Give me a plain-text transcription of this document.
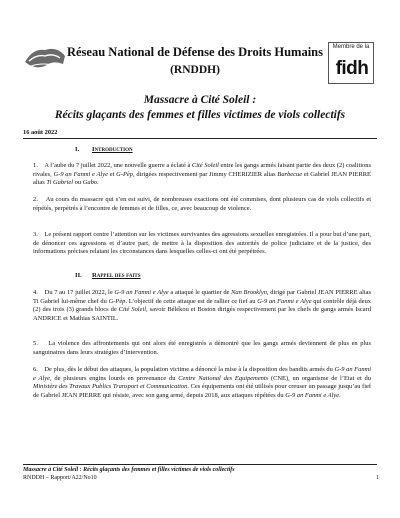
Membre de la
fidh
Réseau National de Défense des Droits Humains
(RNDDH)
Massacre à Cité Soleil :
Récits glaçants des femmes et filles victimes de viols collectifs
16 août 2022
I. Introduction
1. A l’aube du 7 juillet 2022, une nouvelle guerre a éclaté à Cité Soleil entre les gangs armés faisant partie des deux (2) coalitions rivales, G-9 an Fanmi e Alye et G-Pèp, dirigées respectivement par Jimmy CHERIZIER alias Barbecue et Gabriel JEAN PIERRE alias Ti Gabriel ou Gabo.
2. Au cours du massacre qui s’en est suivi, de nombreuses exactions ont été commises, dont plusieurs cas de viols collectifs et répétés, perpétrés à l’encontre de femmes et de filles, ce, avec beaucoup de violence.
3. Le présent rapport centre l’attention sur les victimes survivantes des agressions sexuelles enregistrées. Il a pour but d’une part, de dénoncer ces agressions et d’autre part, de mettre à la disposition des autorités de police judiciaire et de la justice, des informations précises relatant les circonstances dans lesquelles celles-ci ont été perpétrées.
II. Rappel des faits
4. Du 7 au 17 juillet 2022, le G-9 an Fanmi e Alye a attaqué le quartier de Nan Brooklyn, dirigé par Gabriel JEAN PIERRE alias Ti Gabriel lui-même chef du G-Pèp. L’objectif de cette attaque est de rallier ce fief au G-9 an Fanmi e Alye qui contrôle déjà deux (2) des trois (3) grands blocs de Cité Soleil, savoir Bélékou et Boston dirigés respectivement par les chefs de gangs armés Iscard ANDRICE et Mathias SAINTIL.
5. La violence des affrontements qui ont alors été enregistrés a démontré que les gangs armés deviennent de plus en plus sanguinaires dans leurs stratégies d’intervention.
6. De plus, dès le début des attaques, la population victime a dénoncé la mise à la disposition des bandits armés du G-9 an Fanmi e Alye, de plusieurs engins lourds en provenance du Centre National des Equipements (CNE), un organisme de l’Etat et du Ministère des Travaux Publics Transport et Communication. Ces équipements ont été utilisés pour creuser un passage jusqu’au fief de Gabriel JEAN PIERRE qui résiste, avec son gang armé, depuis 2018, aux attaques répétées du G-9 an Fanmi e Alye.
Massacre à Cité Soleil : Récits glaçants des femmes et filles victimes de viols collectifs
RNDDH – Rapport/A22/No10	1
